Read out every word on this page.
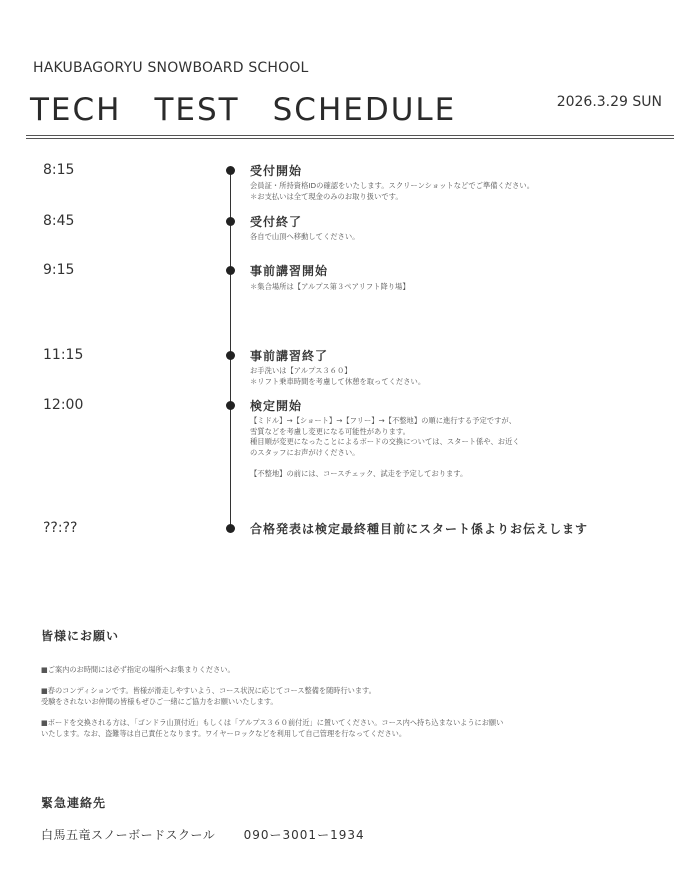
HAKUBAGORYU SNOWBOARD SCHOOL
TECH　TEST　SCHEDULE	2026.3.29 SUN
8:15	受付開始
会員証・所持資格IDの確認をいたします。スクリーンショットなどでご準備ください。
＊お支払いは全て現金のみのお取り扱いです。
8:45	受付終了
各自で山頂へ移動してください。
9:15	事前講習開始
＊集合場所は【アルプス第３ペアリフト降り場】
11:15	事前講習終了
お手洗いは【アルプス３６０】
＊リフト乗車時間を考慮して休憩を取ってください。
12:00	検定開始
【ミドル】→【ショート】→【フリー】→【不整地】の順に進行する予定ですが、
雪質などを考慮し変更になる可能性があります。
種目順が変更になったことによるボードの交換については、スタート係や、お近く
のスタッフにお声がけください。
【不整地】の前には、コースチェック、試走を予定しております。
??:??	合格発表は検定最終種目前にスタート係よりお伝えします
皆様にお願い
■ご案内のお時間には必ず指定の場所へお集まりください。
■春のコンディションです。皆様が滑走しやすいよう、コース状況に応じてコース整備を随時行います。
受験をされないお仲間の皆様もぜひご一緒にご協力をお願いいたします。
■ボードを交換される方は、「ゴンドラ山頂付近」もしくは「アルプス３６０前付近」に置いてください。コース内へ持ち込まないようにお願い
いたします。なお、盗難等は自己責任となります。ワイヤーロックなどを利用して自己管理を行なってください。
緊急連絡先
白馬五竜スノーボードスクール 090ー3001ー1934
